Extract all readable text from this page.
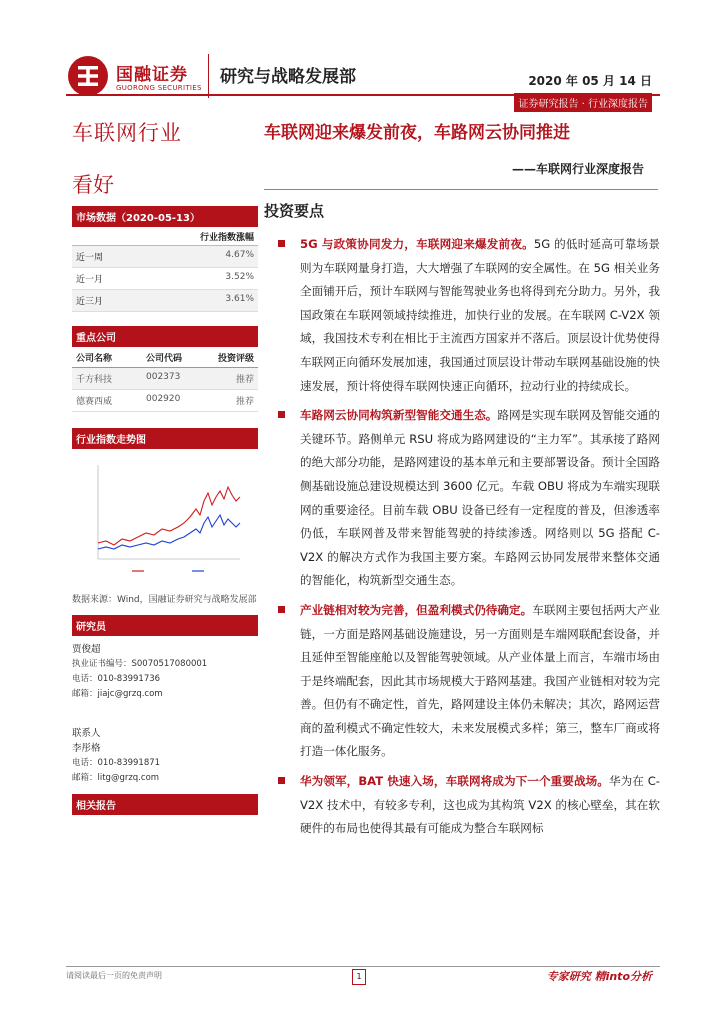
国融证券
GUORONG SECURITIES
研究与战略发展部	2020 年 05 月 14 日
证券研究报告 · 行业深度报告
车联网行业
看好
市场数据（2020-05-13）
行业指数涨幅
近一周	4.67%
近一月	3.52%
近三月	3.61%
重点公司
公司名称	公司代码	投资评级
千方科技	002373	推荐
德赛西威	002920	推荐
行业指数走势图
数据来源：Wind，国融证券研究与战略发展部
研究员
贾俊超
执业证书编号：S0070517080001
电话：010-83991736
邮箱：jiajc@grzq.com
联系人
李彤格
电话：010-83991871
邮箱：litg@grzq.com
相关报告
车联网迎来爆发前夜，车路网云协同推进
——车联网行业深度报告
投资要点
5G 与政策协同发力，车联网迎来爆发前夜。5G 的低时延高可靠场景则为车联网量身打造，大大增强了车联网的安全属性。在 5G 相关业务全面铺开后，预计车联网与智能驾驶业务也将得到充分助力。另外，我国政策在车联网领域持续推进，加快行业的发展。在车联网 C-V2X 领域，我国技术专利在相比于主流西方国家并不落后。顶层设计优势使得车联网正向循环发展加速，我国通过顶层设计带动车联网基础设施的快速发展，预计将使得车联网快速正向循环，拉动行业的持续成长。
车路网云协同构筑新型智能交通生态。路网是实现车联网及智能交通的关键环节。路侧单元 RSU 将成为路网建设的“主力军”。其承接了路网的绝大部分功能，是路网建设的基本单元和主要部署设备。预计全国路侧基础设施总建设规模达到 3600 亿元。车载 OBU 将成为车端实现联网的重要途径。目前车载 OBU 设备已经有一定程度的普及，但渗透率仍低，车联网普及带来智能驾驶的持续渗透。网络则以 5G 搭配 C-V2X 的解决方式作为我国主要方案。车路网云协同发展带来整体交通的智能化，构筑新型交通生态。
产业链相对较为完善，但盈利模式仍待确定。车联网主要包括两大产业链，一方面是路网基础设施建设，另一方面则是车端网联配套设备，并且延伸至智能座舱以及智能驾驶领域。从产业体量上而言，车端市场由于是终端配套，因此其市场规模大于路网基建。我国产业链相对较为完善。但仍有不确定性，首先，路网建设主体仍未解决；其次，路网运营商的盈利模式不确定性较大，未来发展模式多样；第三，整车厂商或将打造一体化服务。
华为领军，BAT 快速入场，车联网将成为下一个重要战场。华为在 C-V2X 技术中，有较多专利，这也成为其构筑 V2X 的核心壁垒，其在软硬件的布局也使得其最有可能成为整合车联网标
请阅读最后一页的免责声明	1	专家研究 精into分析
